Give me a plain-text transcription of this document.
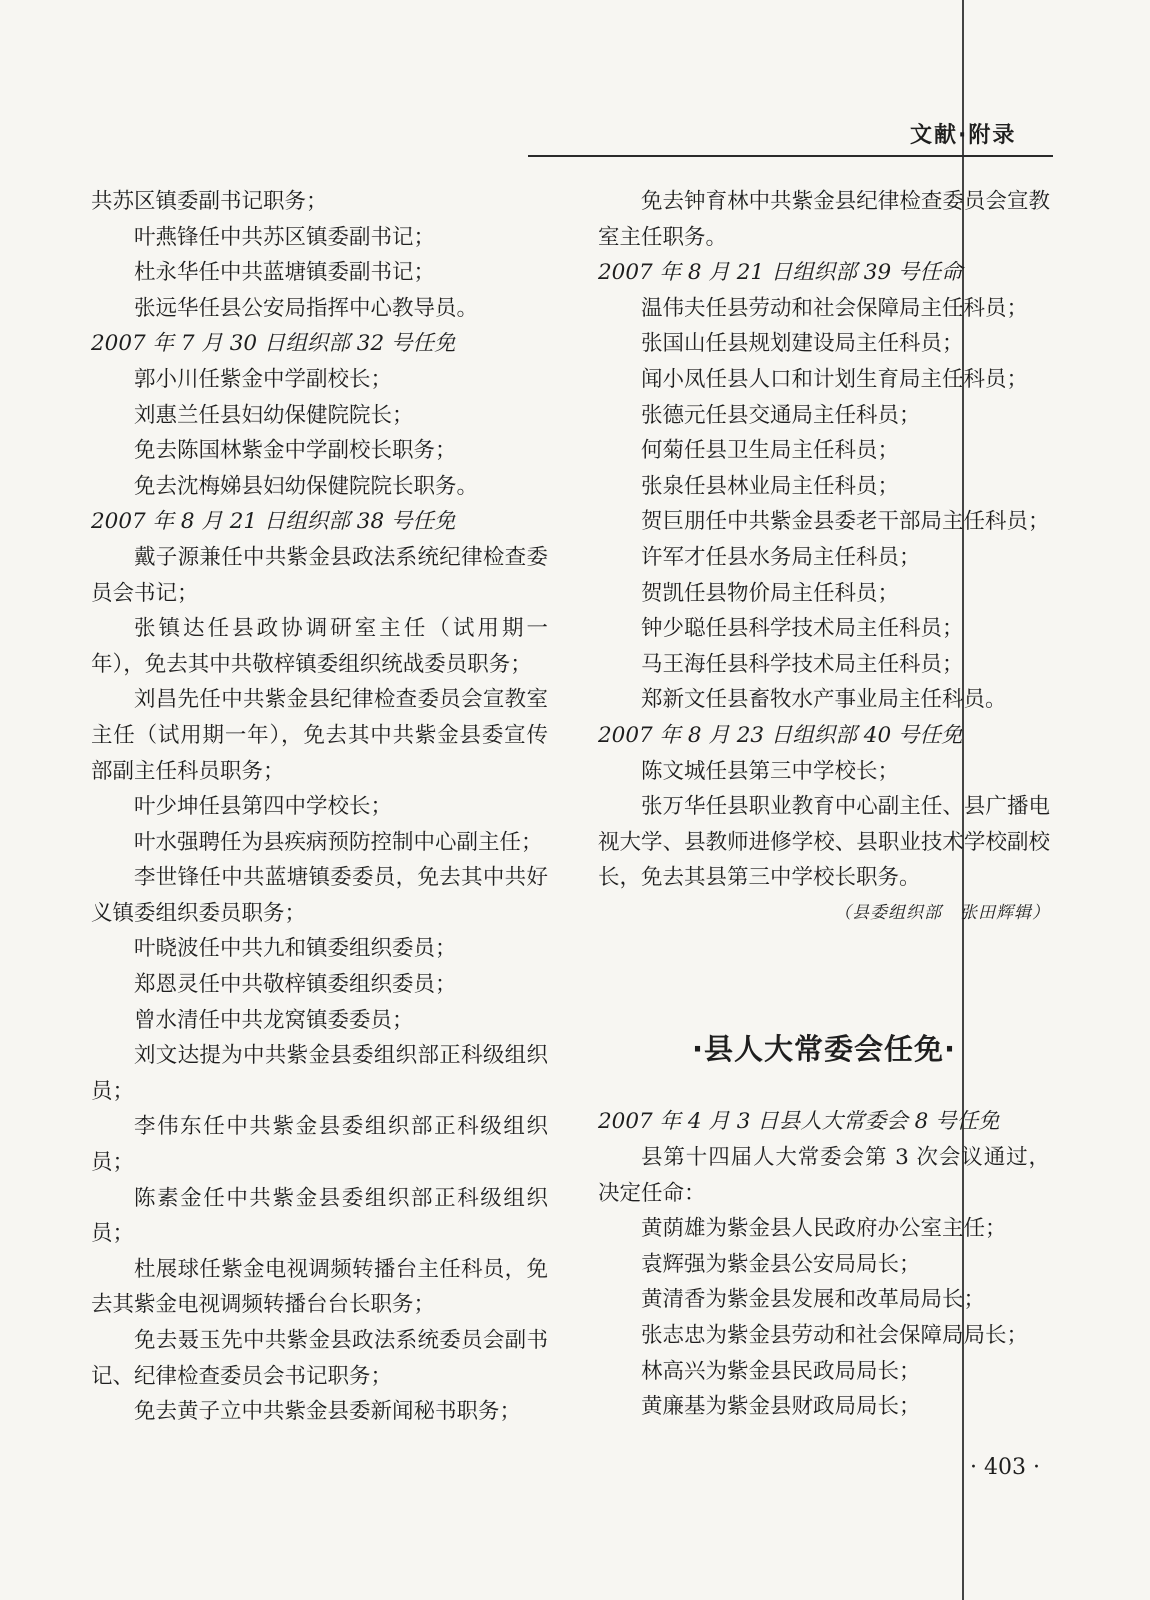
文献·附录

共苏区镇委副书记职务；

叶燕锋任中共苏区镇委副书记；

杜永华任中共蓝塘镇委副书记；

张远华任县公安局指挥中心教导员。

2007 年 7 月 30 日组织部 32 号任免

郭小川任紫金中学副校长；

刘惠兰任县妇幼保健院院长；

免去陈国林紫金中学副校长职务；

免去沈梅娣县妇幼保健院院长职务。

2007 年 8 月 21 日组织部 38 号任免

戴子源兼任中共紫金县政法系统纪律检查委员会书记；

张镇达任县政协调研室主任（试用期一年），免去其中共敬梓镇委组织统战委员职务；

刘昌先任中共紫金县纪律检查委员会宣教室主任（试用期一年），免去其中共紫金县委宣传部副主任科员职务；

叶少坤任县第四中学校长；

叶水强聘任为县疾病预防控制中心副主任；

李世锋任中共蓝塘镇委委员，免去其中共好义镇委组织委员职务；

叶晓波任中共九和镇委组织委员；

郑恩灵任中共敬梓镇委组织委员；

曾水清任中共龙窝镇委委员；

刘文达提为中共紫金县委组织部正科级组织员；

李伟东任中共紫金县委组织部正科级组织员；

陈素金任中共紫金县委组织部正科级组织员；

杜展球任紫金电视调频转播台主任科员，免去其紫金电视调频转播台台长职务；

免去聂玉先中共紫金县政法系统委员会副书记、纪律检查委员会书记职务；

免去黄子立中共紫金县委新闻秘书职务；

免去钟育林中共紫金县纪律检查委员会宣教室主任职务。

2007 年 8 月 21 日组织部 39 号任命

温伟夫任县劳动和社会保障局主任科员；

张国山任县规划建设局主任科员；

闻小凤任县人口和计划生育局主任科员；

张德元任县交通局主任科员；

何菊任县卫生局主任科员；

张泉任县林业局主任科员；

贺巨朋任中共紫金县委老干部局主任科员；

许军才任县水务局主任科员；

贺凯任县物价局主任科员；

钟少聪任县科学技术局主任科员；

马王海任县科学技术局主任科员；

郑新文任县畜牧水产事业局主任科员。

2007 年 8 月 23 日组织部 40 号任免

陈文城任县第三中学校长；

张万华任县职业教育中心副主任、县广播电视大学、县教师进修学校、县职业技术学校副校长，免去其县第三中学校长职务。

（县委组织部　张田辉辑）

·县人大常委会任免·

2007 年 4 月 3 日县人大常委会 8 号任免

县第十四届人大常委会第 3 次会议通过，决定任命：

黄荫雄为紫金县人民政府办公室主任；

袁辉强为紫金县公安局局长；

黄清香为紫金县发展和改革局局长；

张志忠为紫金县劳动和社会保障局局长；

林高兴为紫金县民政局局长；

黄廉基为紫金县财政局局长；

· 403 ·
